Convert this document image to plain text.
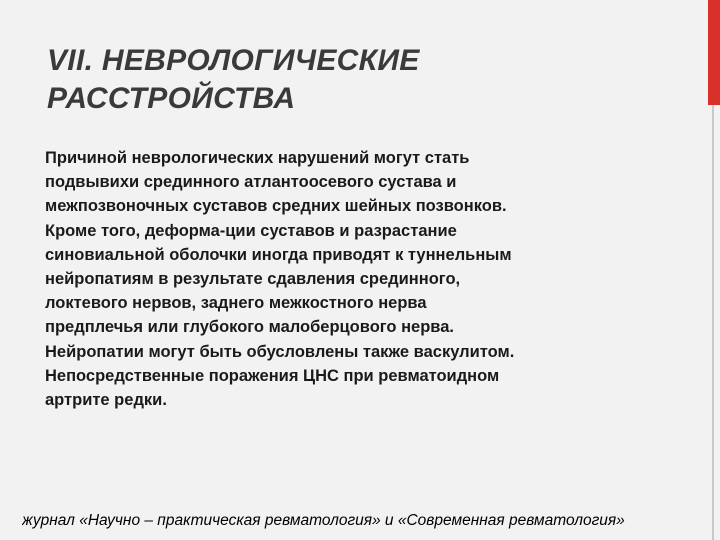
VII. НЕВРОЛОГИЧЕСКИЕ
РАССТРОЙСТВА

Причиной неврологических нарушений могут стать
подвывихи срединного атлантоосевого сустава и
межпозвоночных суставов средних шейных позвонков.
Кроме того, деформа-ции суставов и разрастание
синовиальной оболочки иногда приводят к туннельным
нейропатиям в результате сдавления срединного,
локтевого нервов, заднего межкостного нерва
предплечья или глубокого малоберцового нерва.
Нейропатии могут быть обусловлены также васкулитом.
Непосредственные поражения ЦНС при ревматоидном
артрите редки.

журнал «Научно – практическая ревматология» и «Современная ревматология»
